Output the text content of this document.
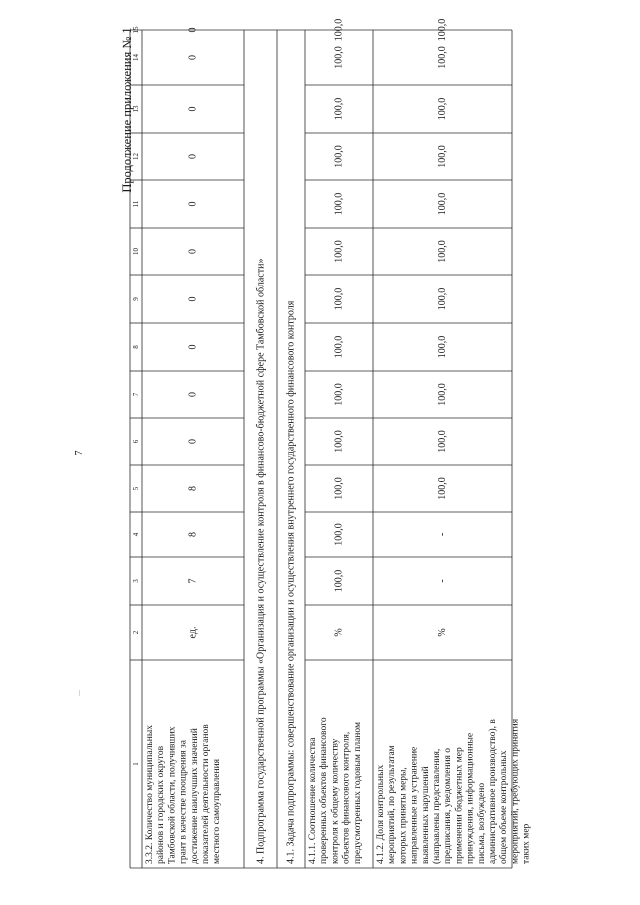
7
Продолжение приложения № 1
...
1
2
3
4
5
6
7
8
9
10
11
12
13
14
15
3.3.2. Количество муниципальных районов и городских округов Тамбовской области, получивших грант в качестве поощрения за достижение наилучших значений показателей деятельности органов местного самоуправления
ед.
7
8
8
0
0
0
0
0
0
0
0
0
0
4.1.1. Соотношение количества проверенных объектов финансового контроля к общему количеству объектов финансового контроля, предусмотренных годовым планом
%
100,0
100,0
100,0
100,0
100,0
100,0
100,0
100,0
100,0
100,0
100,0
100,0
100,0
4.1.2. Доля контрольных мероприятий, по результатам которых приняты меры, направленные на устранение выявленных нарушений (направлены представления, предписания, уведомления о применении бюджетных мер принуждения, информационные письма, возбуждено административное производство), в общем объеме контрольных мероприятий, требующих принятия таких мер
%
-
-
100,0
100,0
100,0
100,0
100,0
100,0
100,0
100,0
100,0
100,0
100,0
4. Подпрограмма государственной программы «Организация и осуществление контроля в финансово-бюджетной сфере Тамбовской области» 4.1. Задача подпрограммы: совершенствование организации и осуществления внутреннего государственного финансового контроля
